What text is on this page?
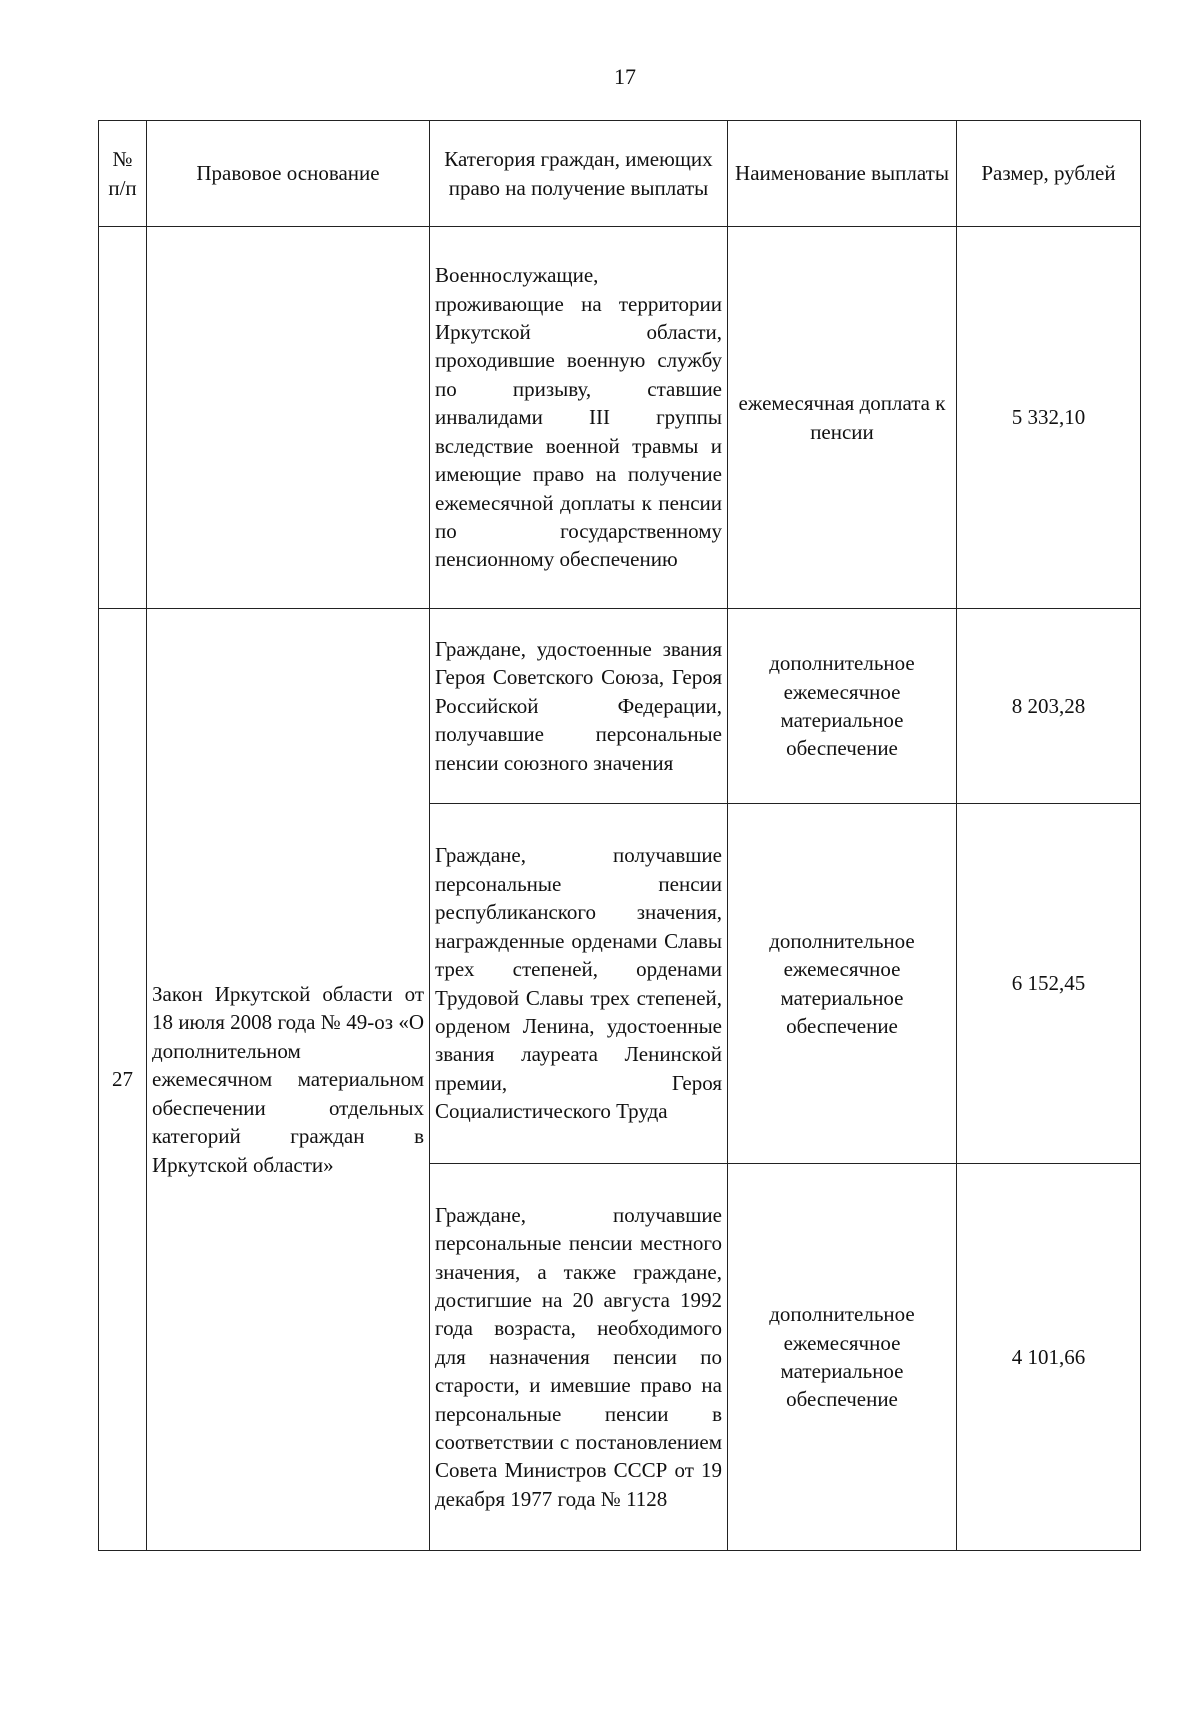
17
№ п/п	Правовое основание	Категория граждан, имеющих право на получение выплаты	Наименование выплаты	Размер, рублей
		Военнослужащие, проживающие на территории Иркутской области, проходившие военную службу по призыву, ставшие инвалидами III группы вследствие военной травмы и имеющие право на получение ежемесячной доплаты к пенсии по государственному пенсионному обеспечению	ежемесячная доплата к пенсии	5 332,10
27	Закон Иркутской области от 18 июля 2008 года № 49-оз «О дополнительном ежемесячном материальном обеспечении отдельных категорий граждан в Иркутской области»	Граждане, удостоенные звания Героя Советского Союза, Героя Российской Федерации, получавшие персональные пенсии союзного значения	дополнительное ежемесячное материальное обеспечение	8 203,28
		Граждане, получавшие персональные пенсии республиканского значения, награжденные орденами Славы трех степеней, орденами Трудовой Славы трех степеней, орденом Ленина, удостоенные звания лауреата Ленинской премии, Героя Социалистического Труда	дополнительное ежемесячное материальное обеспечение	6 152,45
		Граждане, получавшие персональные пенсии местного значения, а также граждане, достигшие на 20 августа 1992 года возраста, необходимого для назначения пенсии по старости, и имевшие право на персональные пенсии в соответствии с постановлением Совета Министров СССР от 19 декабря 1977 года № 1128	дополнительное ежемесячное материальное обеспечение	4 101,66
